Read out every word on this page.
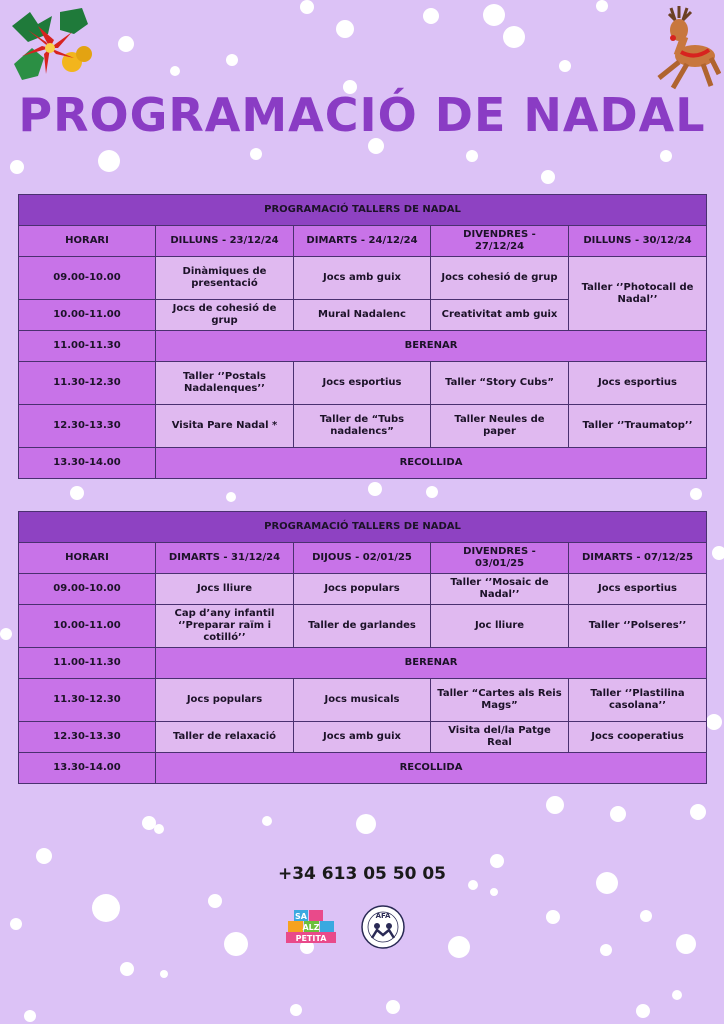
PROGRAMACIÓ DE NADAL
PROGRAMACIÓ TALLERS DE NADAL				
HORARI	DILLUNS - 23/12/24	DIMARTS - 24/12/24	DIVENDRES - 27/12/24	DILLUNS - 30/12/24
09.00-10.00	Dinàmiques de presentació	Jocs amb guix	Jocs cohesió de grup	Taller ‘’Photocall de Nadal’’
10.00-11.00	Jocs de cohesió de grup	Mural Nadalenc	Creativitat amb guix	
11.00-11.30	BERENAR			
11.30-12.30	Taller ‘’Postals Nadalenques’’	Jocs esportius	Taller “Story Cubs”	Jocs esportius
12.30-13.30	Visita Pare Nadal *	Taller de “Tubs nadalencs”	Taller Neules de paper	Taller ‘’Traumatop’’
13.30-14.00	RECOLLIDA			
PROGRAMACIÓ TALLERS DE NADAL				
HORARI	DIMARTS - 31/12/24	DIJOUS - 02/01/25	DIVENDRES - 03/01/25	DIMARTS - 07/12/25
09.00-10.00	Jocs lliure	Jocs populars	Taller ‘’Mosaic de Nadal’’	Jocs esportius
10.00-11.00	Cap d’any infantil ‘’Preparar raïm i cotilló’’	Taller de garlandes	Joc lliure	Taller ‘’Polseres’’
11.00-11.30	BERENAR			
11.30-12.30	Jocs populars	Jocs musicals	Taller “Cartes als Reis Mags”	Taller ‘’Plastilina casolana’’
12.30-13.30	Taller de relaxació	Jocs amb guix	Visita del/la Patge Real	Jocs cooperatius
13.30-14.00	RECOLLIDA			
+34 613 05 50 05
SA
ALZ
PETITA
AFA
